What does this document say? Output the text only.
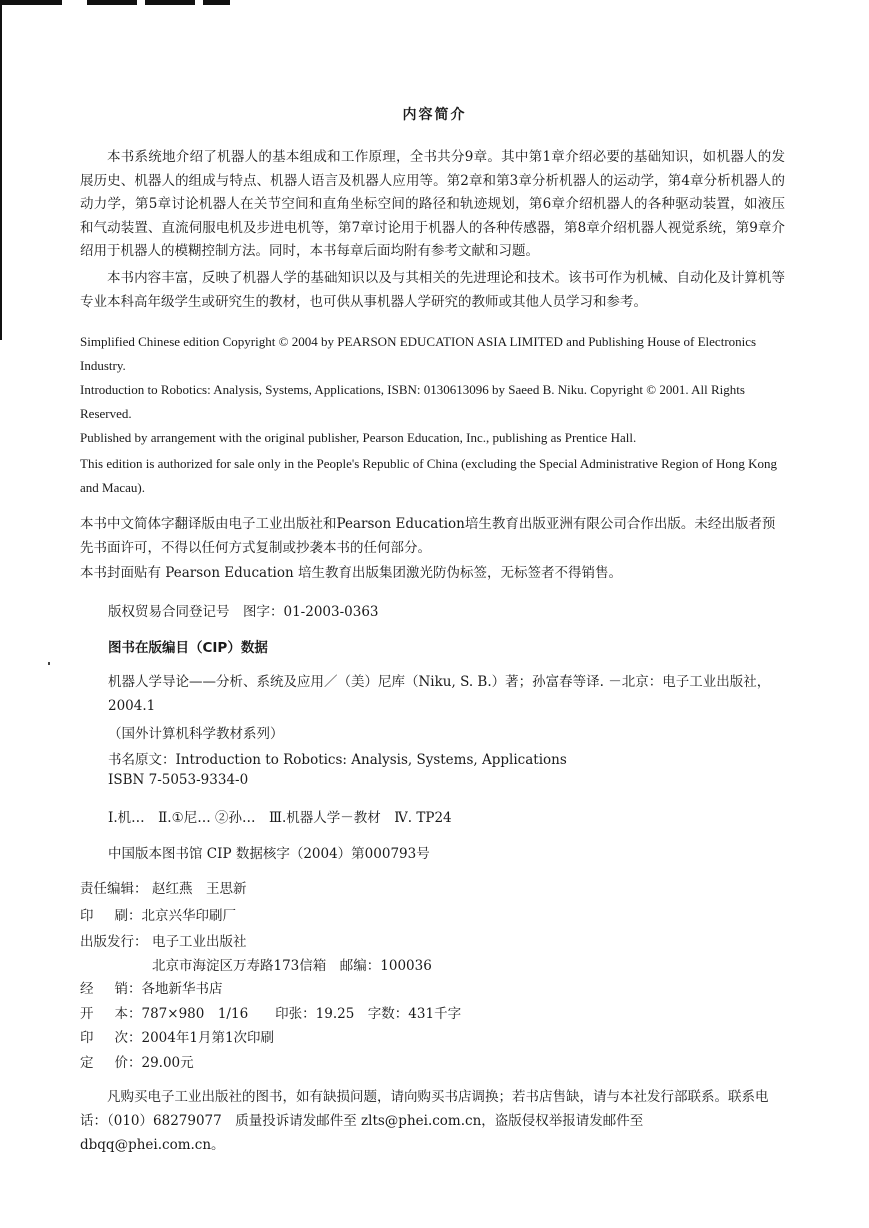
内容简介

本书系统地介绍了机器人的基本组成和工作原理，全书共分9章。其中第1章介绍必要的基础知识，如机器人的发展历史、机器人的组成与特点、机器人语言及机器人应用等。第2章和第3章分析机器人的运动学，第4章分析机器人的动力学，第5章讨论机器人在关节空间和直角坐标空间的路径和轨迹规划，第6章介绍机器人的各种驱动装置，如液压和气动装置、直流伺服电机及步进电机等，第7章讨论用于机器人的各种传感器，第8章介绍机器人视觉系统，第9章介绍用于机器人的模糊控制方法。同时，本书每章后面均附有参考文献和习题。

本书内容丰富，反映了机器人学的基础知识以及与其相关的先进理论和技术。该书可作为机械、自动化及计算机等专业本科高年级学生或研究生的教材，也可供从事机器人学研究的教师或其他人员学习和参考。

Simplified Chinese edition Copyright © 2004 by PEARSON EDUCATION ASIA LIMITED and Publishing House of Electronics Industry.

Introduction to Robotics: Analysis, Systems, Applications, ISBN: 0130613096 by Saeed B. Niku. Copyright © 2001. All Rights Reserved.

Published by arrangement with the original publisher, Pearson Education, Inc., publishing as Prentice Hall.

This edition is authorized for sale only in the People's Republic of China (excluding the Special Administrative Region of Hong Kong and Macau).

本书中文简体字翻译版由电子工业出版社和Pearson Education培生教育出版亚洲有限公司合作出版。未经出版者预先书面许可，不得以任何方式复制或抄袭本书的任何部分。

本书封面贴有 Pearson Education 培生教育出版集团激光防伪标签，无标签者不得销售。

版权贸易合同登记号　图字：01-2003-0363

图书在版编目（CIP）数据

机器人学导论——分析、系统及应用／（美）尼库（Niku, S. B.）著；孙富春等译. －北京：电子工业出版社，2004.1

（国外计算机科学教材系列）

书名原文：Introduction to Robotics: Analysis, Systems, Applications

ISBN 7-5053-9334-0

Ⅰ.机…　Ⅱ.①尼… ②孙…　Ⅲ.机器人学－教材　Ⅳ. TP24

中国版本图书馆 CIP 数据核字（2004）第000793号

责任编辑： 赵红燕　王思新
印刷 ：北京兴华印刷厂
出版发行： 电子工业出版社
北京市海淀区万寿路173信箱　邮编：100036
经销 ：各地新华书店
开本 ：787×980　1/16　　印张：19.25　字数：431千字
印次 ：2004年1月第1次印刷
定价 ：29.00元

凡购买电子工业出版社的图书，如有缺损问题，请向购买书店调换；若书店售缺，请与本社发行部联系。联系电话：（010）68279077　质量投诉请发邮件至 zlts@phei.com.cn，盗版侵权举报请发邮件至 dbqq@phei.com.cn。
